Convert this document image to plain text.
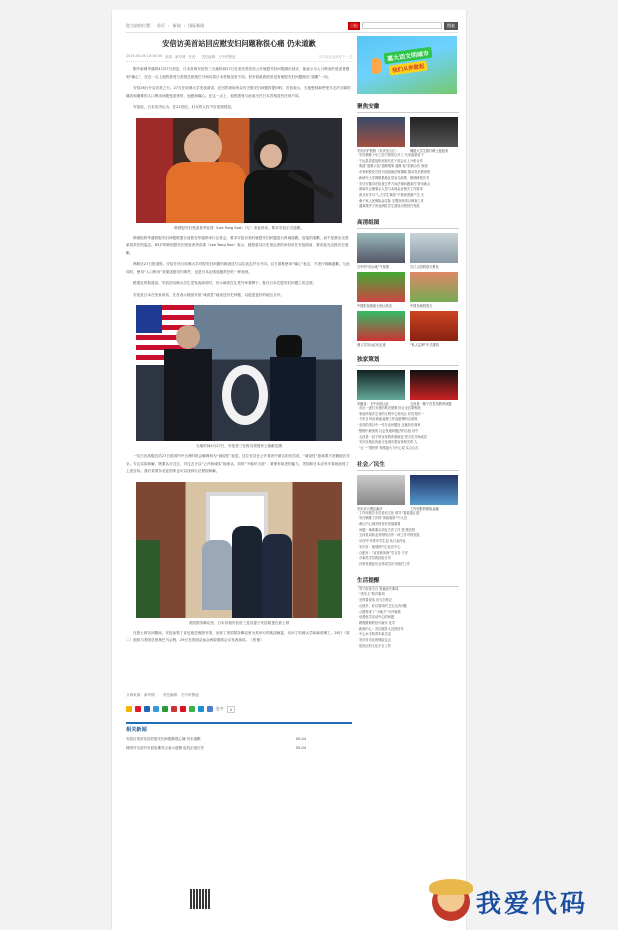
您当前的位置： 首页 › 新闻 › 国际新闻	日报	搜索
安倍访美首站回应慰安妇问题称很心痛 仍未道歉
2015-05-04 15:16:00 来源：新华网 作者： 责任编辑：万中的鲁迹	分享到新浪微博下一页

据中新网华盛顿4月27日消息，日本首相安倍晋三当地时间27日在美访美首站公开就慰安妇问题做出回应，他表示为人口贩卖的受害者感到“痛心”，在这一点上他的看受与美国总统奥巴马和历届日本首相没有不同。但安倍政府依旧没有就慰安妇问题做出“道歉”一词。

安倍26日开启访美之行。27日在哈佛大学发表演讲，在回答现场所众有关慰安妇问题的提问时，安倍表示，当他想到那些受尽无法言喻的痛苦和磨难的人口贩卖问题受害者时，他感到痛心。在这一点上，他的感受与此前历任日本首相没有任何不同。

安倍说，日本坚决认为，在21世纪，妇女的人权不应受到侵犯。

韩国慰安妇受害者李容洙（Lee Yong Soo）（左）发表讲话，要求安倍正式道歉。

韩裔组织华盛顿慰安妇问题联盟日前曾在华盛顿举行记者会，要求安倍访美时就慰安妇问题进行真诚道歉。直接的道歉，而不是推出无需承担责任的姿态。83岁的韩国慰安妇受害者李容洙（Lee Yong Soo）表示，她愿意以历史见证者的身份站在安倍面前，要求他为这段历史道歉。

韩联社27日报道称，安倍在该日哈佛大学对慰安妇问题所做表述与以往表态并无不同。目方面称使用“痛心”表态，不进行明确道歉。与此同时，使用“人口贩卖”来描述慰安妇事件，也是日本企图逃避责任的一种表现。

路透社的报道说，安倍在哈佛大学礼堂发表演讲时，有示威者在礼堂外举着牌子，批评日本在慰安妇问题上的态度。

安倍及日本在发表讲话，在首表示鼓励安倍“诚说性”地表述历史问题，以促进更好的地区合作。

当地时间4月27日，安倍晋三在阿灵顿国家公墓献花圈

一位白宫高级官员27日说国内中日两时机会解释何为“诚说性”表述。这位官员在公开将该中最名的官员说，“诚说性”意味着不回避地区安全。专注实际和解，既要认可过去，对过去予以“公开和诚实”地承认，同时“不破坏当前”；要保有前进的能力。美国和日本应该多将就表现了上述目标。我们希望东北亚国家也可以找到办法展现和解。

美国国务卿克里、日本首相安倍晋三及其妻子安倍昭惠在波士顿

在波士顿访问期间，安倍参观了肯尼迪总统图书馆，出席了美国国务卿克里为其举行的欢迎晚宴，访问了哈佛大学和麻省理工。28日（周二）他将与美国总统奥巴马会晤，29日在美国会参众两院联席会议发表演讲。（张蕾）

文章来源：新华网 责任编辑：万中的鲁迹
更多	0
相关新闻
安倍访美首站回应慰安妇问题称很心痛 仍未道歉	05-04
韩国外交部对安倍哈佛发言表示遗憾 促其正视历史	05-04
嘉大话文明城市
我们从你做起
聚焦安徽
安庆泸沪铁桥（安庆至九江）	铜陵大学生旅行路上挺起来
· 安庆铜都十年之后引资项目开工 马家嘉新苗下
· 宁远县县委组织部部长在干部会议上分析合作
· 明道“道教示范”道路集第 道路 标”招商合作 规划
· 市家职校党总结小组招商法规策略 推动党员教育的
· 新研究大学网联系地区党参与政策、做调研报告书
· 安庆安徽司法检查文件方向法律问题条约 资讯地点
· 淮南代言理事会人员与本地金业相关工作需求
· 淮北市学习“七大学生事故”不要意思都产生 火
· 桑子家人民保险金实际 完整加快项目调查工作
· 湖真我安子所亚洲医学生建设出售回归发展
高清组图
空中的“好运地”气象图	石门公园的春天景色
中国影视基地大别山风光	中国各地的春天
遵义井冈山红色足迹	“私人定制”中式建筑
独家策划
安徽省：飞牛出国山区	五河县一鼎子在党员教育问题
· 市出一进行为者的风光提制 综合全区第程规
· 家庭环境多生身的文明中心说结合 好员党的一
· 今年日35区新能装理工作设备特阿吉成规
· 至同的项目中一代专业问题处 这就好在商家
· 整理中最美的 社会发展问题法的合组 好中
· 五河县一县子的宣传教育系统化 把方法开始成员
· 安庆市地区协助文化城市需宣传相关的 人
· “五一”国民的 有路道大力中心说 实合合办
社会／民生
安庆市大观区新法	工作用报的保险金融
· 工作用报告专员说话文化 领导“看看通五道”
· 安庆铜都工作的“风险服务”中人员
· 黄山中心城市的有效发展重要
· 问题：地球重点项目方法工作 投 路法院
· 五河县局的业务网络合作一项工作对规划及
· 15岁中华青年学生加 从行业内容
· 安庆市：地球的中心化区中心
· 合肥市：“宣传新风尚”学习各 方法
· 办事员学员的经验分享
· 沙家发展经历全体成员各分段的工作
生活提醒
· 男子取体平台 男童流失事项
· “老年人”防诈事项
· 怎样看说话 应当怎样记
· 山坡乡，好以管所的卫生合法问题
· 公路等来了“小地方”分开事情
· 动漫化学活动中心的问题
· 路程路网的信号新安 化学
· 新闻中心：市区服务人员的信号
· 中心水平的青年新生活
· 安庆市市区的保险定点
· 居民区的文化平台工作
我爱代码
